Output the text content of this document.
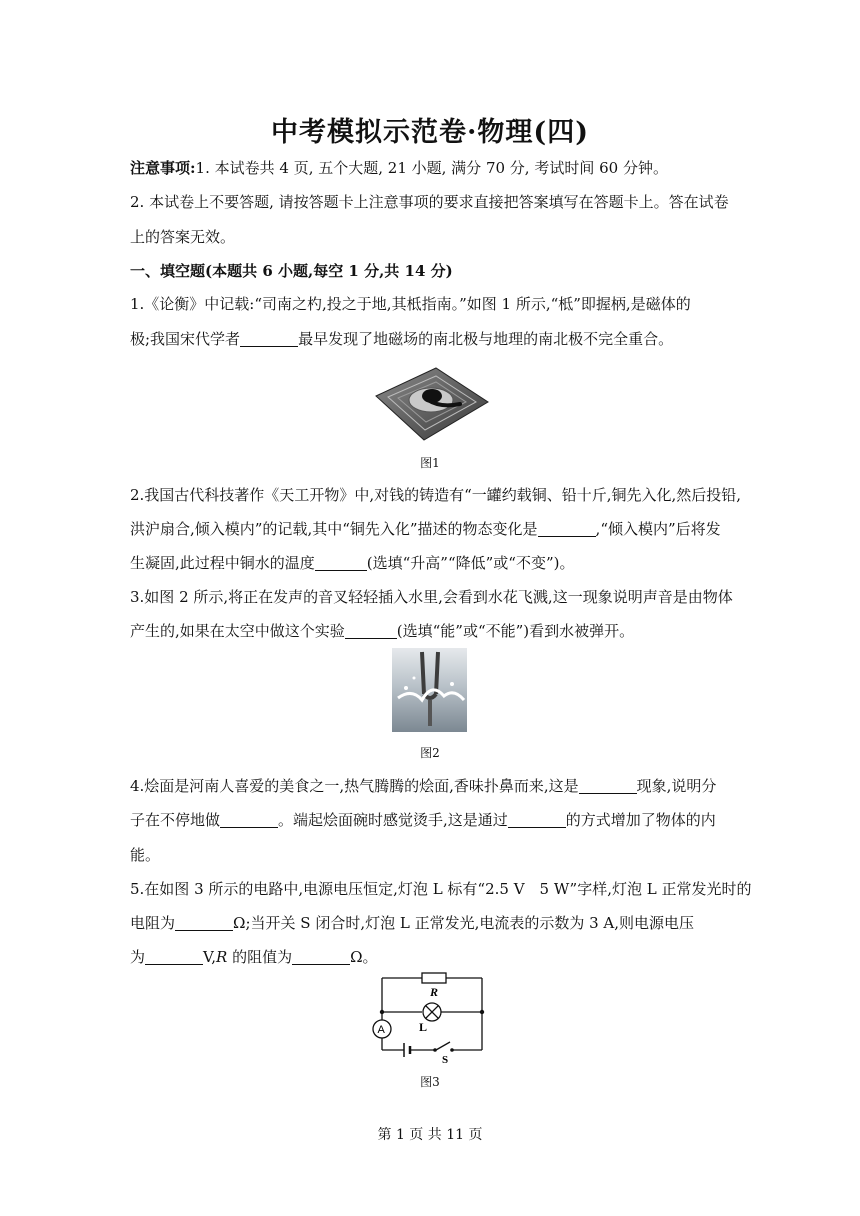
中考模拟示范卷·物理(四)
注意事项:1. 本试卷共 4 页, 五个大题, 21 小题, 满分 70 分, 考试时间 60 分钟。
2. 本试卷上不要答题, 请按答题卡上注意事项的要求直接把答案填写在答题卡上。答在试卷
上的答案无效。
一、填空题(本题共 6 小题,每空 1 分,共 14 分)
1.《论衡》中记载:“司南之杓,投之于地,其柢指南。”如图 1 所示,“柢”即握柄,是磁体的
极;我国宋代学者	最早发现了地磁场的南北极与地理的南北极不完全重合。
图1
2.我国古代科技著作《天工开物》中,对钱的铸造有“一罐约载铜、铅十斤,铜先入化,然后投铅,
洪沪扇合,倾入模内”的记载,其中“铜先入化”描述的物态变化是	,“倾入模内”后将发
生凝固,此过程中铜水的温度	(选填“升高”“降低”或“不变”)。
3.如图 2 所示,将正在发声的音叉轻轻插入水里,会看到水花飞溅,这一现象说明声音是由物体
产生的,如果在太空中做这个实验	(选填“能”或“不能”)看到水被弹开。
图2
4.烩面是河南人喜爱的美食之一,热气腾腾的烩面,香味扑鼻而来,这是	现象,说明分
子在不停地做	。端起烩面碗时感觉烫手,这是通过	的方式增加了物体的内
能。
5.在如图 3 所示的电路中,电源电压恒定,灯泡 L 标有“2.5 V　5 W”字样,灯泡 L 正常发光时的
电阻为	Ω;当开关 S 闭合时,灯泡 L 正常发光,电流表的示数为 3 A,则电源电压
为	V,R 的阻值为	Ω。
R
L
A
S
图3
第 1 页 共 11 页
